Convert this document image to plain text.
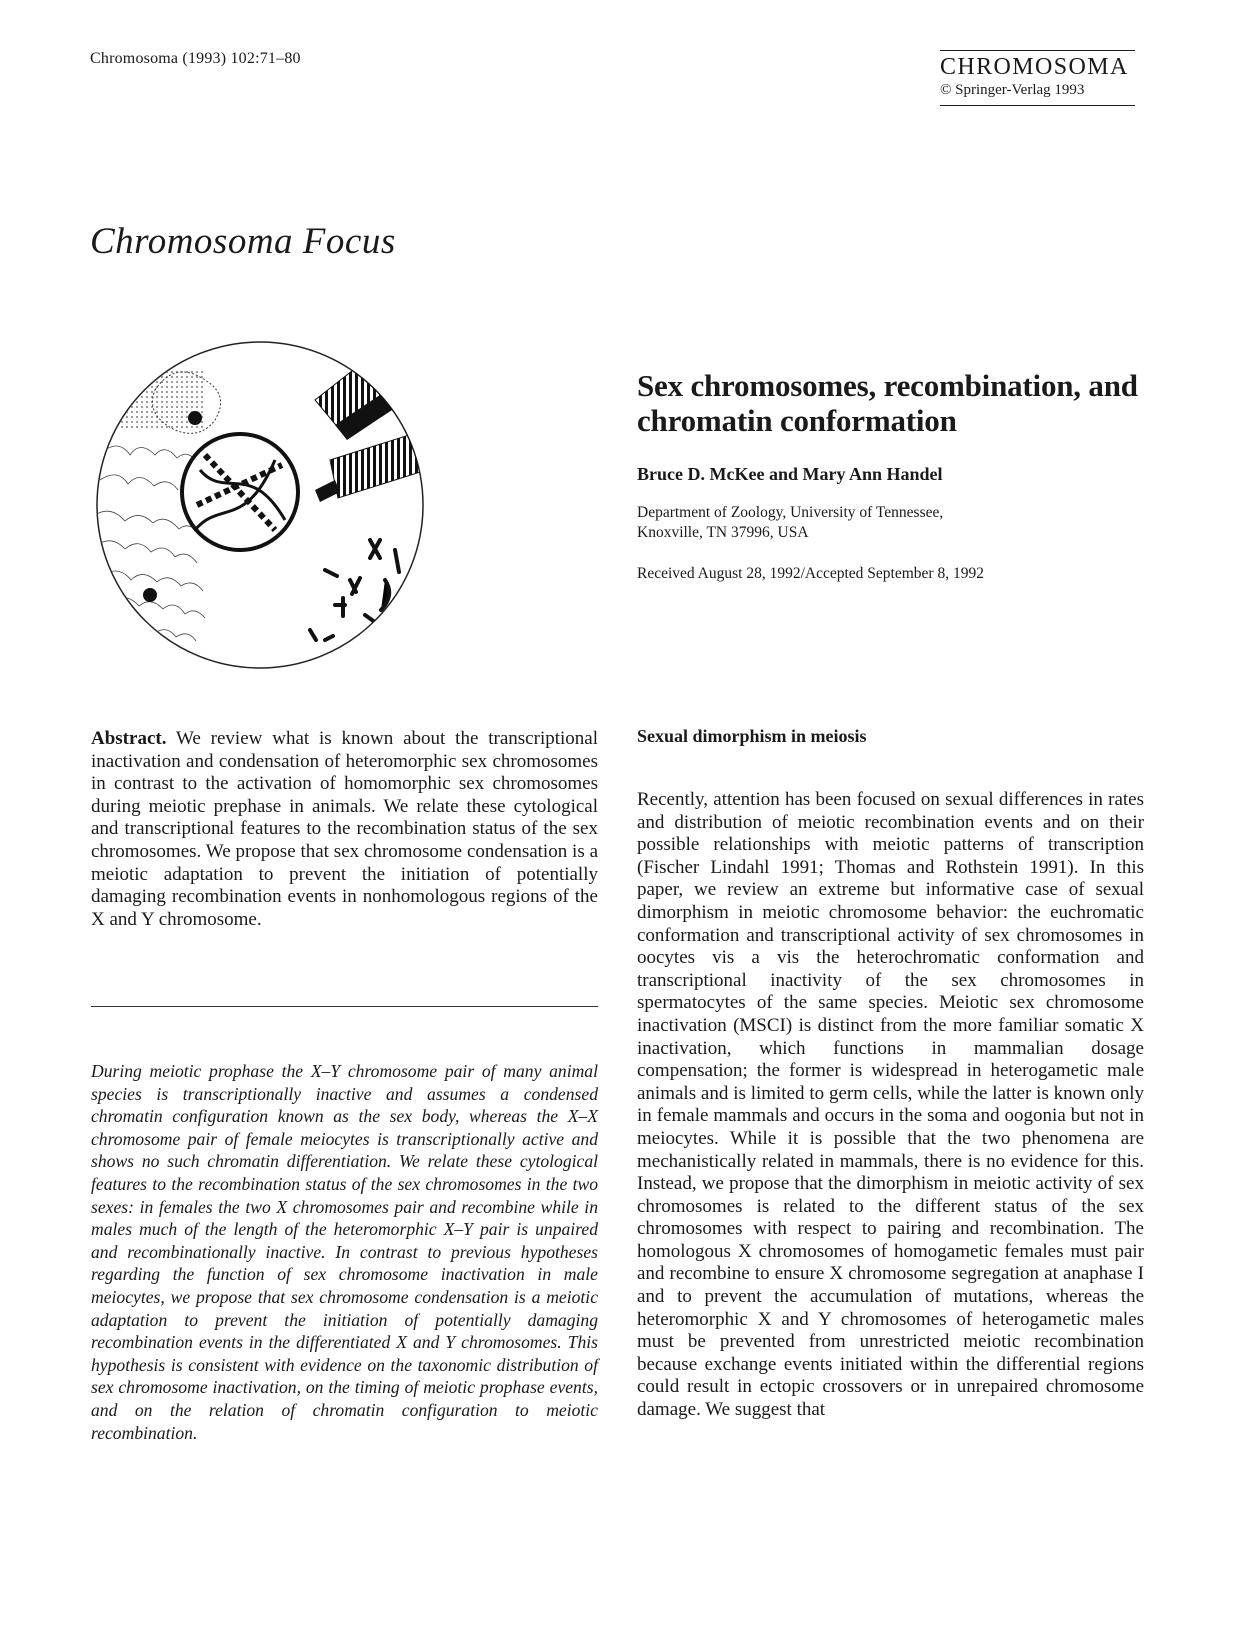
Chromosoma (1993) 102:71–80	CHROMOSOMA
© Springer-Verlag 1993
Chromosoma Focus
Sex chromosomes, recombination, and chromatin conformation
Bruce D. McKee and Mary Ann Handel
Department of Zoology, University of Tennessee,
Knoxville, TN 37996, USA
Received August 28, 1992/Accepted September 8, 1992

Abstract. We review what is known about the transcriptional inactivation and condensation of heteromorphic sex chromosomes in contrast to the activation of homomorphic sex chromosomes during meiotic prephase in animals. We relate these cytological and transcriptional features to the recombination status of the sex chromosomes. We propose that sex chromosome condensation is a meiotic adaptation to prevent the initiation of potentially damaging recombination events in nonhomologous regions of the X and Y chromosome.

During meiotic prophase the X–Y chromosome pair of many animal species is transcriptionally inactive and assumes a condensed chromatin configuration known as the sex body, whereas the X–X chromosome pair of female meiocytes is transcriptionally active and shows no such chromatin differentiation. We relate these cytological features to the recombination status of the sex chromosomes in the two sexes: in females the two X chromosomes pair and recombine while in males much of the length of the heteromorphic X–Y pair is unpaired and recombinationally inactive. In contrast to previous hypotheses regarding the function of sex chromosome inactivation in male meiocytes, we propose that sex chromosome condensation is a meiotic adaptation to prevent the initiation of potentially damaging recombination events in the differentiated X and Y chromosomes. This hypothesis is consistent with evidence on the taxonomic distribution of sex chromosome inactivation, on the timing of meiotic prophase events, and on the relation of chromatin configuration to meiotic recombination.

Sexual dimorphism in meiosis

Recently, attention has been focused on sexual differences in rates and distribution of meiotic recombination events and on their possible relationships with meiotic patterns of transcription (Fischer Lindahl 1991; Thomas and Rothstein 1991). In this paper, we review an extreme but informative case of sexual dimorphism in meiotic chromosome behavior: the euchromatic conformation and transcriptional activity of sex chromosomes in oocytes vis a vis the heterochromatic conformation and transcriptional inactivity of the sex chromosomes in spermatocytes of the same species. Meiotic sex chromosome inactivation (MSCI) is distinct from the more familiar somatic X inactivation, which functions in mammalian dosage compensation; the former is widespread in heterogametic male animals and is limited to germ cells, while the latter is known only in female mammals and occurs in the soma and oogonia but not in meiocytes. While it is possible that the two phenomena are mechanistically related in mammals, there is no evidence for this. Instead, we propose that the dimorphism in meiotic activity of sex chromosomes is related to the different status of the sex chromosomes with respect to pairing and recombination. The homologous X chromosomes of homogametic females must pair and recombine to ensure X chromosome segregation at anaphase I and to prevent the accumulation of mutations, whereas the heteromorphic X and Y chromosomes of heterogametic males must be prevented from unrestricted meiotic recombination because exchange events initiated within the differential regions could result in ectopic crossovers or in unrepaired chromosome damage. We suggest that
